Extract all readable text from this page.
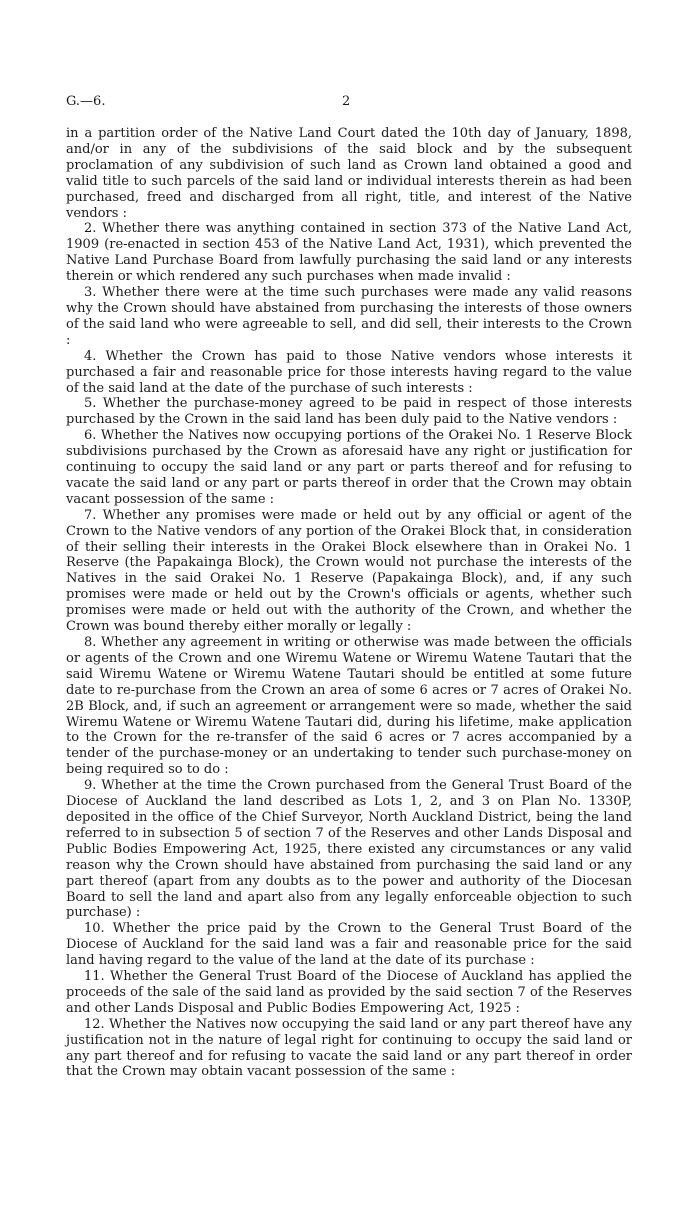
G.—6.	2

in a partition order of the Native Land Court dated the 10th day of January, 1898, and/or in any of the subdivisions of the said block and by the subsequent proclamation of any subdivision of such land as Crown land obtained a good and valid title to such parcels of the said land or individual interests therein as had been purchased, freed and discharged from all right, title, and interest of the Native vendors :

2. Whether there was anything contained in section 373 of the Native Land Act, 1909 (re-enacted in section 453 of the Native Land Act, 1931), which prevented the Native Land Purchase Board from lawfully purchasing the said land or any interests therein or which rendered any such purchases when made invalid :

3. Whether there were at the time such purchases were made any valid reasons why the Crown should have abstained from purchasing the interests of those owners of the said land who were agreeable to sell, and did sell, their interests to the Crown :

4. Whether the Crown has paid to those Native vendors whose interests it purchased a fair and reasonable price for those interests having regard to the value of the said land at the date of the purchase of such interests :

5. Whether the purchase-money agreed to be paid in respect of those interests purchased by the Crown in the said land has been duly paid to the Native vendors :

6. Whether the Natives now occupying portions of the Orakei No. 1 Reserve Block subdivisions purchased by the Crown as aforesaid have any right or justification for continuing to occupy the said land or any part or parts thereof and for refusing to vacate the said land or any part or parts thereof in order that the Crown may obtain vacant possession of the same :

7. Whether any promises were made or held out by any official or agent of the Crown to the Native vendors of any portion of the Orakei Block that, in consideration of their selling their interests in the Orakei Block elsewhere than in Orakei No. 1 Reserve (the Papakainga Block), the Crown would not purchase the interests of the Natives in the said Orakei No. 1 Reserve (Papakainga Block), and, if any such promises were made or held out by the Crown's officials or agents, whether such promises were made or held out with the authority of the Crown, and whether the Crown was bound thereby either morally or legally :

8. Whether any agreement in writing or otherwise was made between the officials or agents of the Crown and one Wiremu Watene or Wiremu Watene Tautari that the said Wiremu Watene or Wiremu Watene Tautari should be entitled at some future date to re-purchase from the Crown an area of some 6 acres or 7 acres of Orakei No. 2B Block, and, if such an agreement or arrangement were so made, whether the said Wiremu Watene or Wiremu Watene Tautari did, during his lifetime, make application to the Crown for the re-transfer of the said 6 acres or 7 acres accompanied by a tender of the purchase-money or an undertaking to tender such purchase-money on being required so to do :

9. Whether at the time the Crown purchased from the General Trust Board of the Diocese of Auckland the land described as Lots 1, 2, and 3 on Plan No. 1330P, deposited in the office of the Chief Surveyor, North Auckland District, being the land referred to in subsection 5 of section 7 of the Reserves and other Lands Disposal and Public Bodies Empowering Act, 1925, there existed any circumstances or any valid reason why the Crown should have abstained from purchasing the said land or any part thereof (apart from any doubts as to the power and authority of the Diocesan Board to sell the land and apart also from any legally enforceable objection to such purchase) :

10. Whether the price paid by the Crown to the General Trust Board of the Diocese of Auckland for the said land was a fair and reasonable price for the said land having regard to the value of the land at the date of its purchase :

11. Whether the General Trust Board of the Diocese of Auckland has applied the proceeds of the sale of the said land as provided by the said section 7 of the Reserves and other Lands Disposal and Public Bodies Empowering Act, 1925 :

12. Whether the Natives now occupying the said land or any part thereof have any justification not in the nature of legal right for continuing to occupy the said land or any part thereof and for refusing to vacate the said land or any part thereof in order that the Crown may obtain vacant possession of the same :
